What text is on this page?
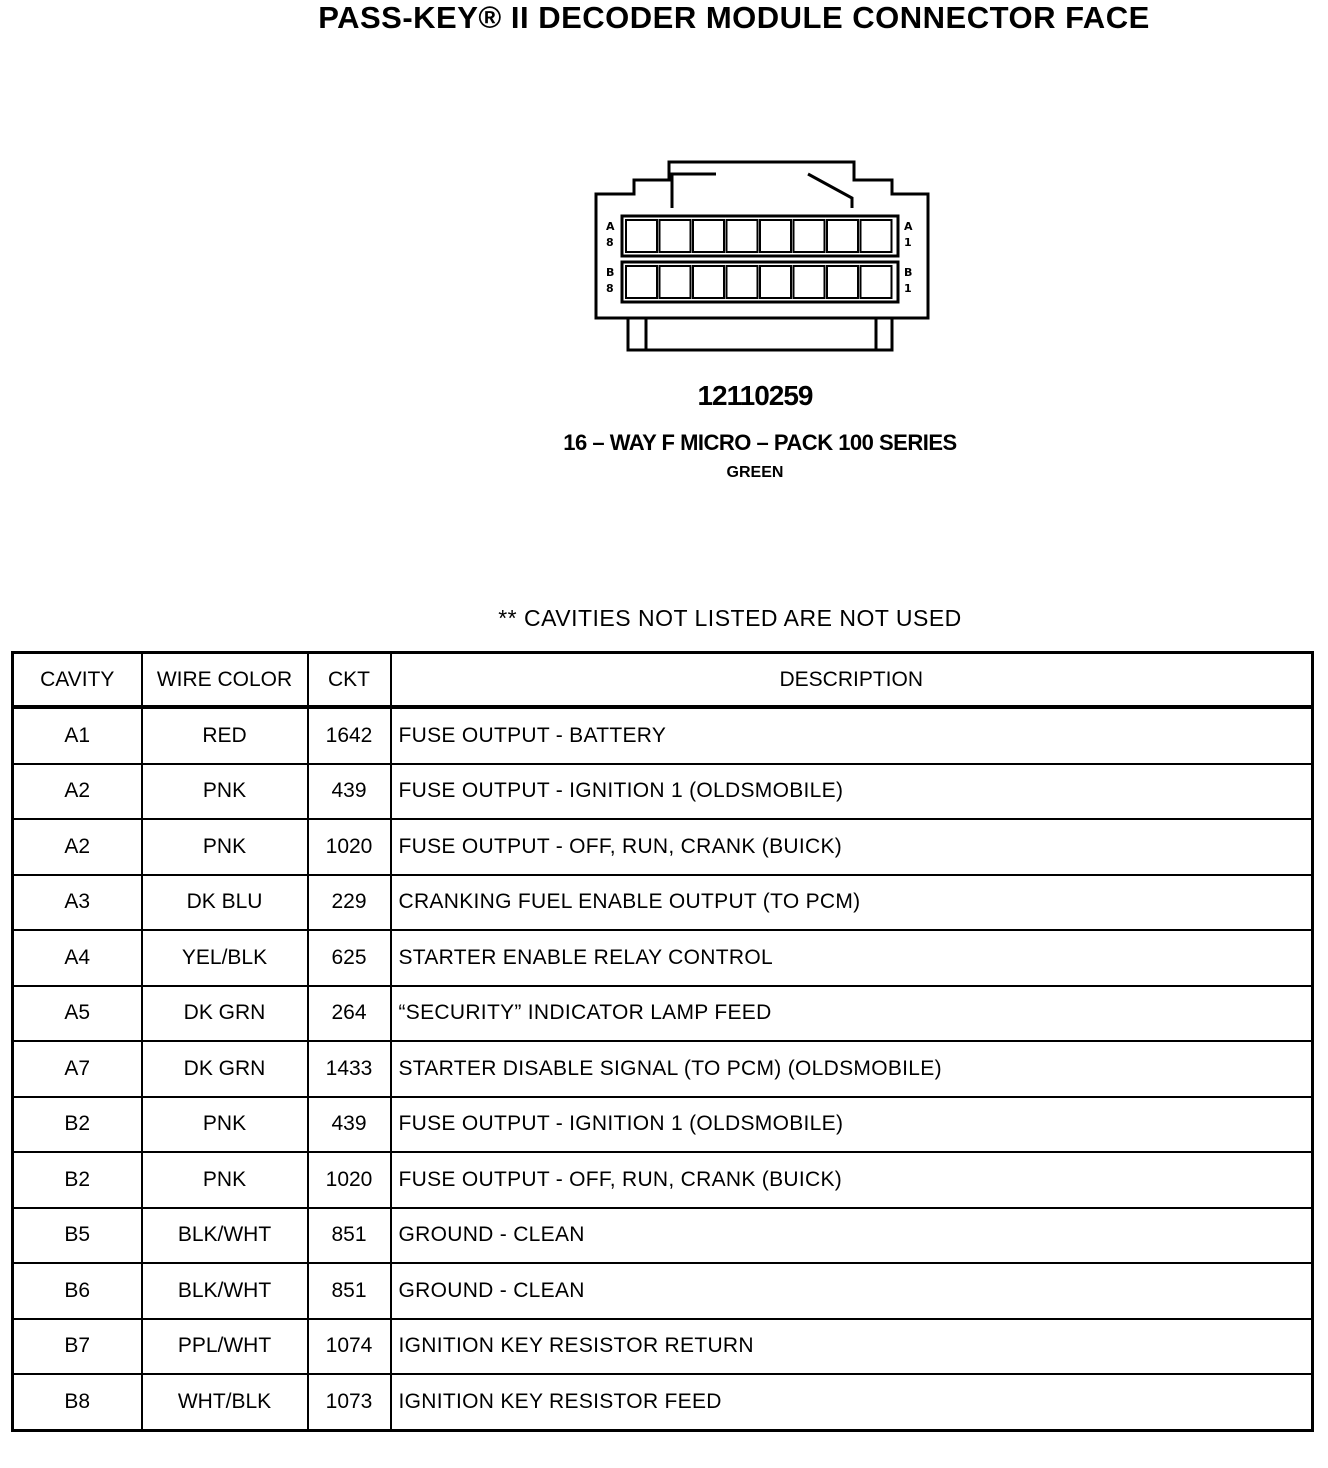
PASS-KEY® II DECODER MODULE CONNECTOR FACE
A
8
A
1
B
8
B
1
12110259
16 – WAY F MICRO – PACK 100 SERIES
GREEN
** CAVITIES NOT LISTED ARE NOT USED
CAVITY	WIRE COLOR	CKT	DESCRIPTION
A1	RED	1642	FUSE OUTPUT - BATTERY
A2	PNK	439	FUSE OUTPUT - IGNITION 1 (OLDSMOBILE)
A2	PNK	1020	FUSE OUTPUT - OFF, RUN, CRANK (BUICK)
A3	DK BLU	229	CRANKING FUEL ENABLE OUTPUT (TO PCM)
A4	YEL/BLK	625	STARTER ENABLE RELAY CONTROL
A5	DK GRN	264	“SECURITY” INDICATOR LAMP FEED
A7	DK GRN	1433	STARTER DISABLE SIGNAL (TO PCM) (OLDSMOBILE)
B2	PNK	439	FUSE OUTPUT - IGNITION 1 (OLDSMOBILE)
B2	PNK	1020	FUSE OUTPUT - OFF, RUN, CRANK (BUICK)
B5	BLK/WHT	851	GROUND - CLEAN
B6	BLK/WHT	851	GROUND - CLEAN
B7	PPL/WHT	1074	IGNITION KEY RESISTOR RETURN
B8	WHT/BLK	1073	IGNITION KEY RESISTOR FEED
